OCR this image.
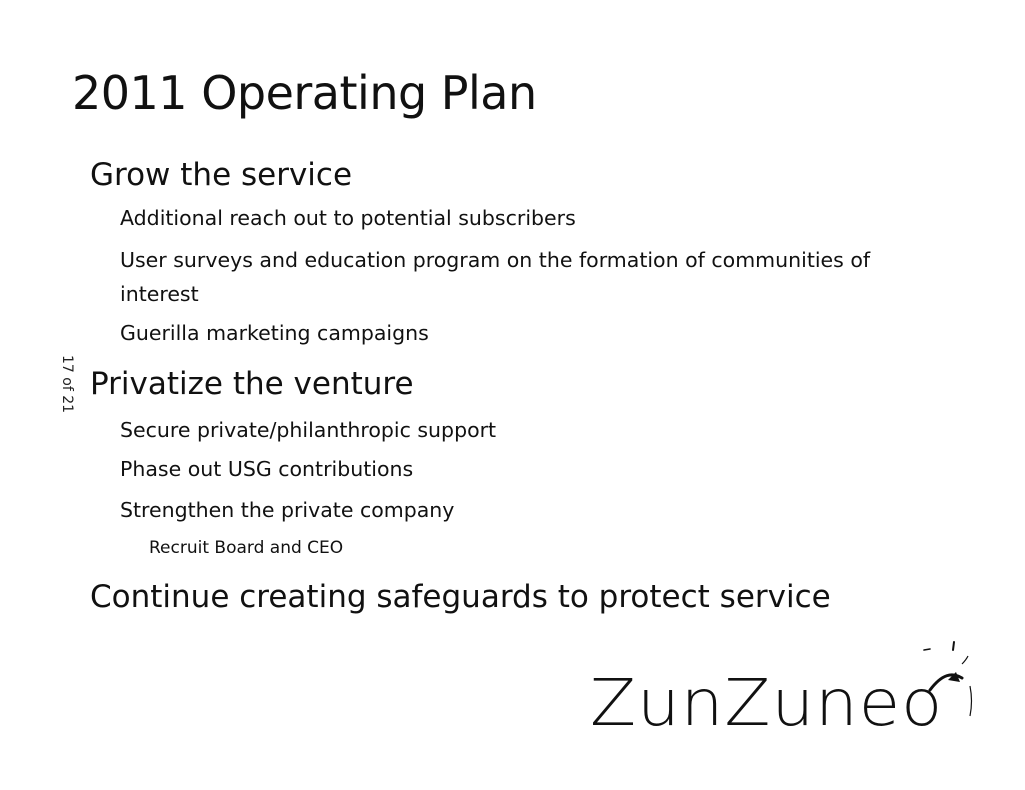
2011 Operating Plan
17 of 21
Grow the service
Additional reach out to potential subscribers
User surveys and education program on the formation of communities of interest
Guerilla marketing campaigns
Privatize the venture
Secure private/philanthropic support
Phase out USG contributions
Strengthen the private company
Recruit Board and CEO
Continue creating safeguards to protect service
ZunZuneo
